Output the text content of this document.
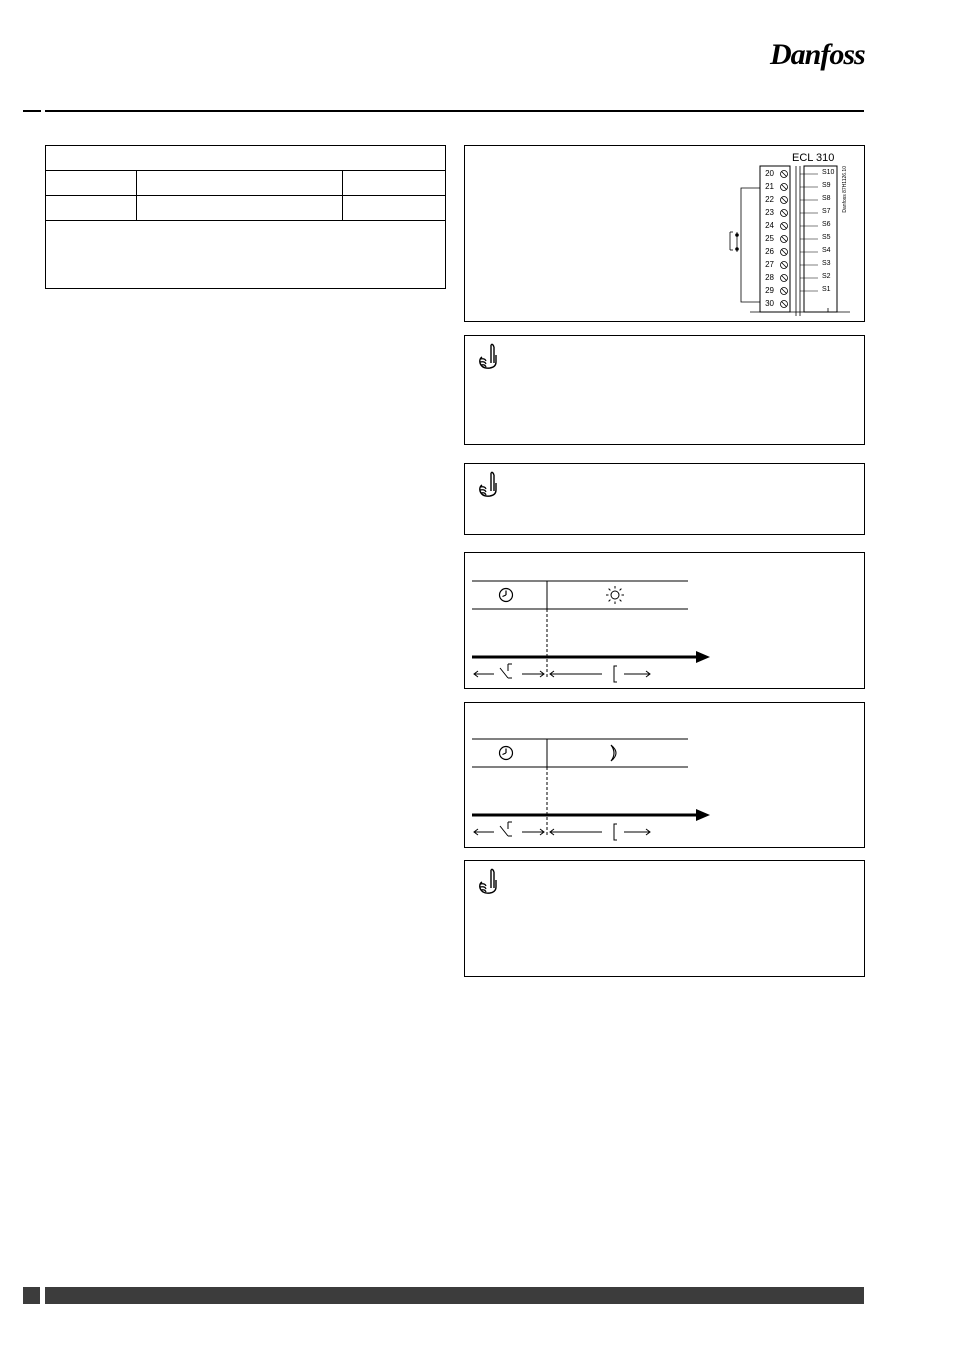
Danfoss
ECL 310
Danfoss 87H1126.10
20
21
22
23
24
25
26
27
28
29
30
S10
S9
S8
S7
S6
S5
S4
S3
S2
S1
